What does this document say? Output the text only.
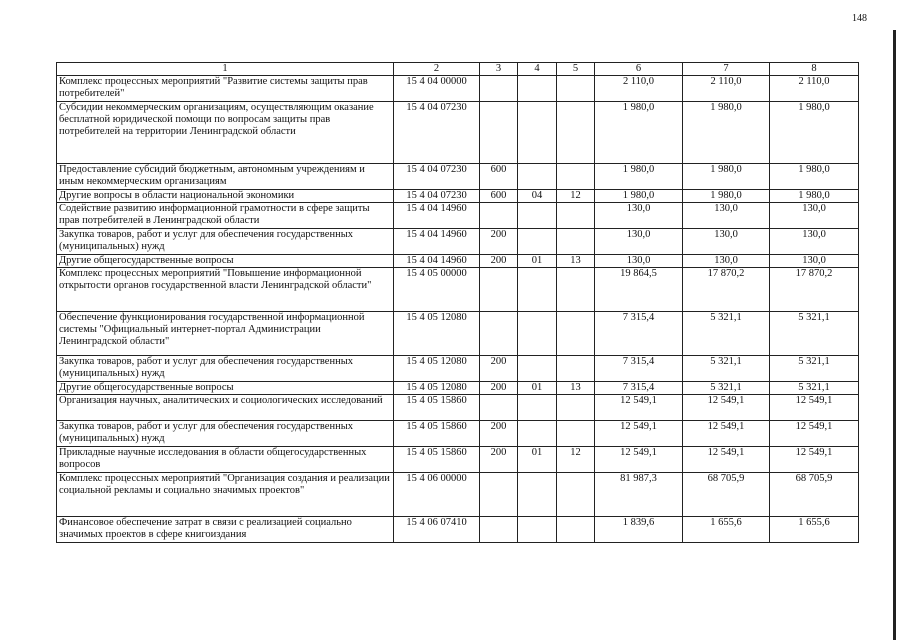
148
1	2	3	4	5	6	7	8
Комплекс процессных мероприятий "Развитие системы защиты прав потребителей"	15 4 04 00000				2 110,0	2 110,0	2 110,0
Субсидии некоммерческим организациям, осуществляющим оказание бесплатной юридической помощи по вопросам защиты прав потребителей на территории Ленинградской области	15 4 04 07230				1 980,0	1 980,0	1 980,0
Предоставление субсидий бюджетным, автономным учреждениям и иным некоммерческим организациям	15 4 04 07230	600			1 980,0	1 980,0	1 980,0
Другие вопросы в области национальной экономики	15 4 04 07230	600	04	12	1 980,0	1 980,0	1 980,0
Содействие развитию информационной грамотности в сфере защиты прав потребителей в Ленинградской области	15 4 04 14960				130,0	130,0	130,0
Закупка товаров, работ и услуг для обеспечения государственных (муниципальных) нужд	15 4 04 14960	200			130,0	130,0	130,0
Другие общегосударственные вопросы	15 4 04 14960	200	01	13	130,0	130,0	130,0
Комплекс процессных мероприятий "Повышение информационной открытости органов государственной власти Ленинградской области"	15 4 05 00000				19 864,5	17 870,2	17 870,2
Обеспечение функционирования государственной информационной системы "Официальный интернет-портал Администрации Ленинградской области"	15 4 05 12080				7 315,4	5 321,1	5 321,1
Закупка товаров, работ и услуг для обеспечения государственных (муниципальных) нужд	15 4 05 12080	200			7 315,4	5 321,1	5 321,1
Другие общегосударственные вопросы	15 4 05 12080	200	01	13	7 315,4	5 321,1	5 321,1
Организация научных, аналитических и социологических исследований	15 4 05 15860				12 549,1	12 549,1	12 549,1
Закупка товаров, работ и услуг для обеспечения государственных (муниципальных) нужд	15 4 05 15860	200			12 549,1	12 549,1	12 549,1
Прикладные научные исследования в области общегосударственных вопросов	15 4 05 15860	200	01	12	12 549,1	12 549,1	12 549,1
Комплекс процессных мероприятий "Организация создания и реализации социальной рекламы и социально значимых проектов"	15 4 06 00000				81 987,3	68 705,9	68 705,9
Финансовое обеспечение затрат в связи с реализацией социально значимых проектов в сфере книгоиздания	15 4 06 07410				1 839,6	1 655,6	1 655,6
